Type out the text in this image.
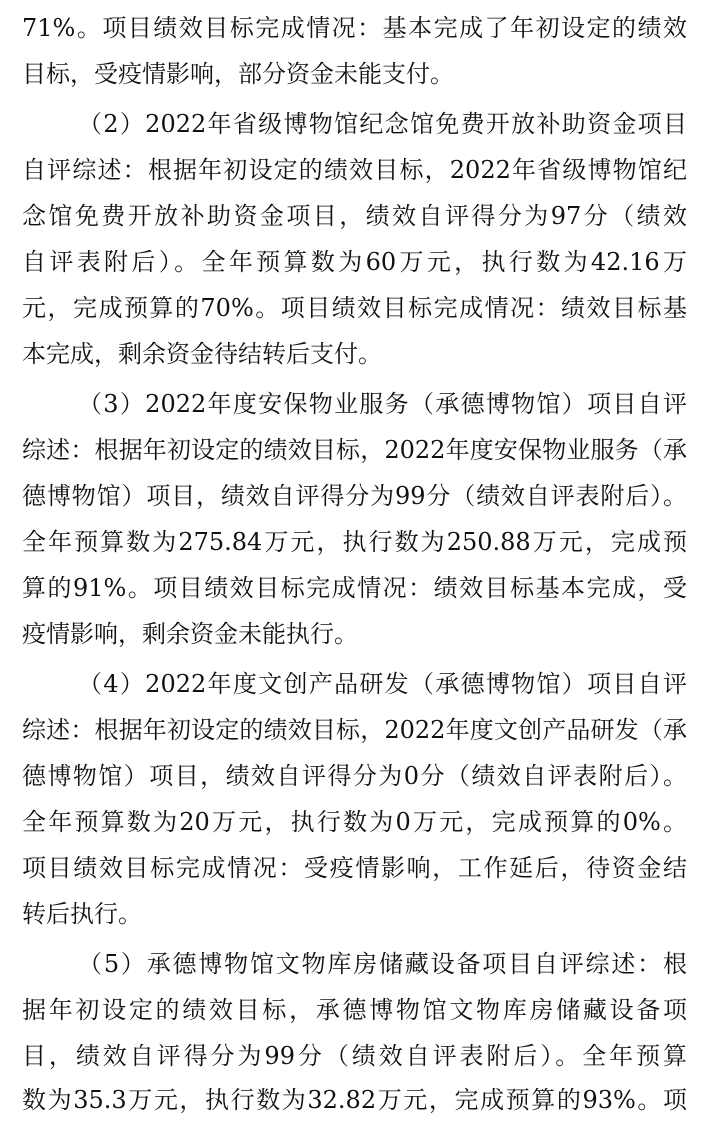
71%。项目绩效目标完成情况：基本完成了年初设定的绩效
目标，受疫情影响，部分资金未能支付。
（2）2022年省级博物馆纪念馆免费开放补助资金项目
自评综述：根据年初设定的绩效目标，2022年省级博物馆纪
念馆免费开放补助资金项目，绩效自评得分为97分（绩效
自评表附后）。全年预算数为60万元，执行数为42.16万
元，完成预算的70%。项目绩效目标完成情况：绩效目标基
本完成，剩余资金待结转后支付。
（3）2022年度安保物业服务（承德博物馆）项目自评
综述：根据年初设定的绩效目标，2022年度安保物业服务（承
德博物馆）项目，绩效自评得分为99分（绩效自评表附后）。
全年预算数为275.84万元，执行数为250.88万元，完成预
算的91%。项目绩效目标完成情况：绩效目标基本完成，受
疫情影响，剩余资金未能执行。
（4）2022年度文创产品研发（承德博物馆）项目自评
综述：根据年初设定的绩效目标，2022年度文创产品研发（承
德博物馆）项目，绩效自评得分为0分（绩效自评表附后）。
全年预算数为20万元，执行数为0万元，完成预算的0%。
项目绩效目标完成情况：受疫情影响，工作延后，待资金结
转后执行。
（5）承德博物馆文物库房储藏设备项目自评综述：根
据年初设定的绩效目标，承德博物馆文物库房储藏设备项
目，绩效自评得分为99分（绩效自评表附后）。全年预算
数为35.3万元，执行数为32.82万元，完成预算的93%。项
